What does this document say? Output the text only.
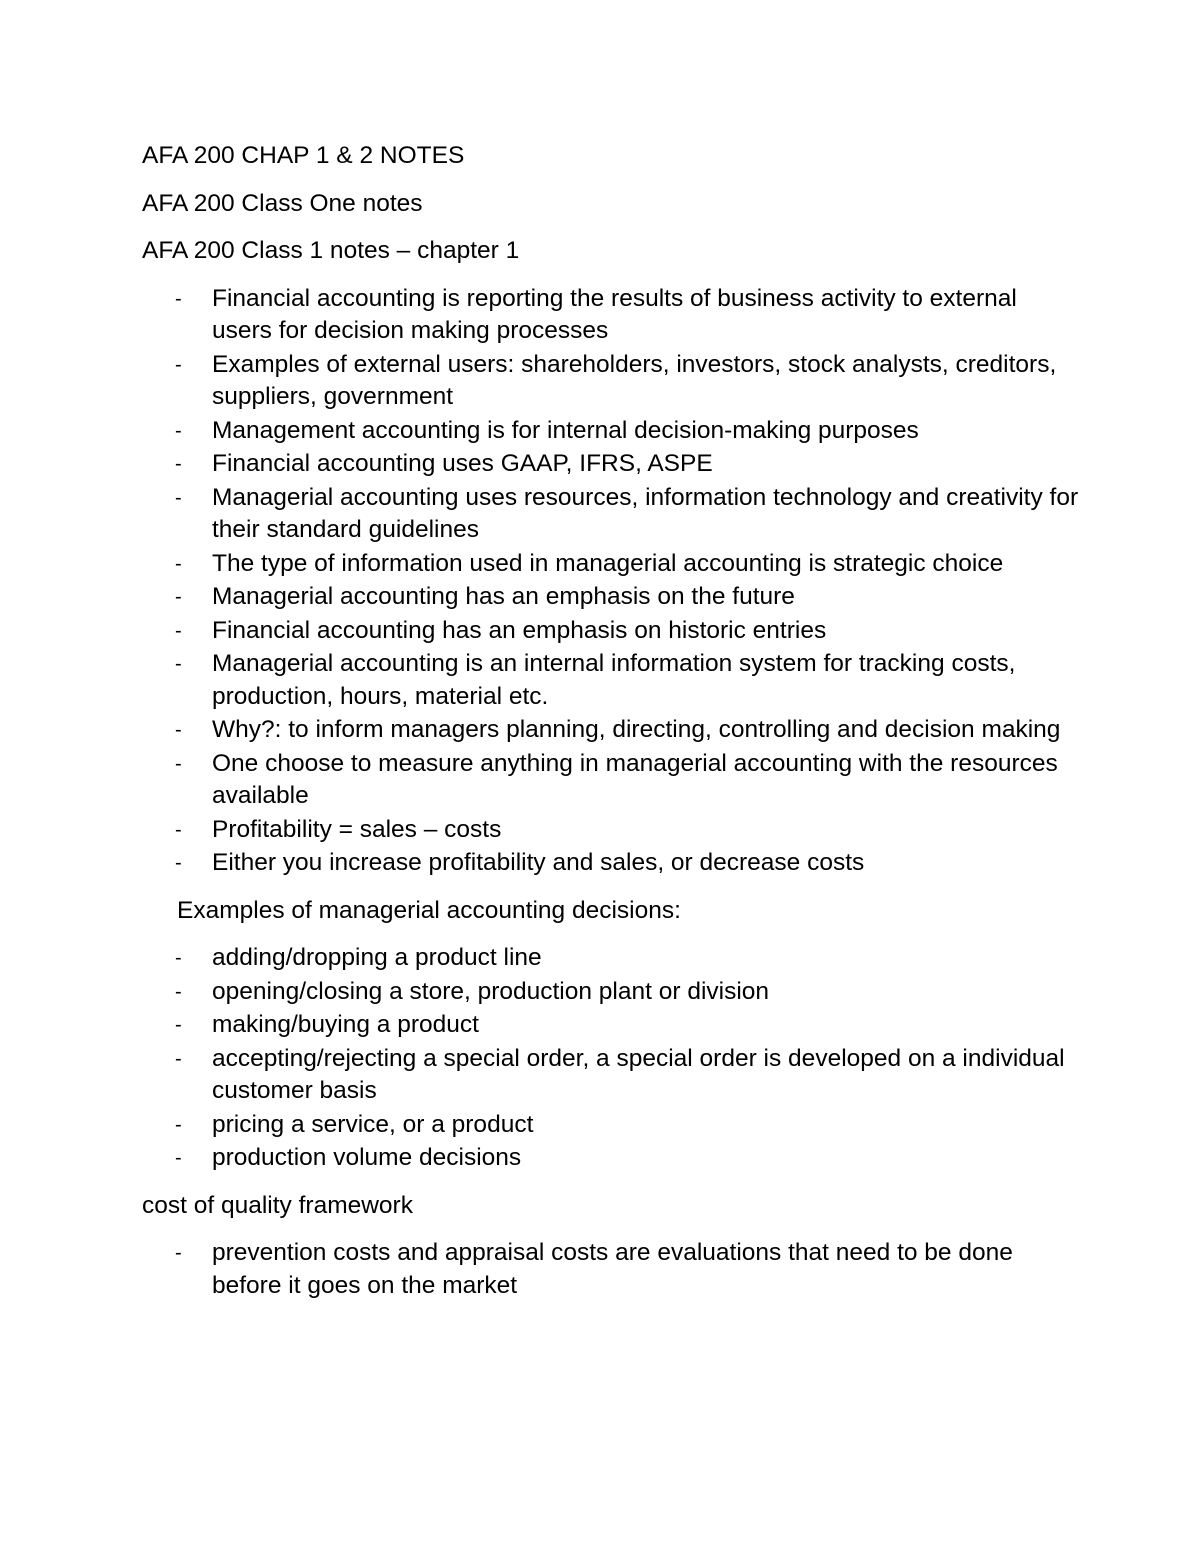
AFA 200 CHAP 1 & 2 NOTES
AFA 200 Class One notes
AFA 200 Class 1 notes – chapter 1
- Financial accounting is reporting the results of business activity to external users for decision making processes
- Examples of external users: shareholders, investors, stock analysts, creditors, suppliers, government
- Management accounting is for internal decision-making purposes
- Financial accounting uses GAAP, IFRS, ASPE
- Managerial accounting uses resources, information technology and creativity for their standard guidelines
- The type of information used in managerial accounting is strategic choice
- Managerial accounting has an emphasis on the future
- Financial accounting has an emphasis on historic entries
- Managerial accounting is an internal information system for tracking costs, production, hours, material etc.
- Why?: to inform managers planning, directing, controlling and decision making
- One choose to measure anything in managerial accounting with the resources available
- Profitability = sales – costs
- Either you increase profitability and sales, or decrease costs
Examples of managerial accounting decisions:
- adding/dropping a product line
- opening/closing a store, production plant or division
- making/buying a product
- accepting/rejecting a special order, a special order is developed on a individual customer basis
- pricing a service, or a product
- production volume decisions
cost of quality framework
- prevention costs and appraisal costs are evaluations that need to be done before it goes on the market
